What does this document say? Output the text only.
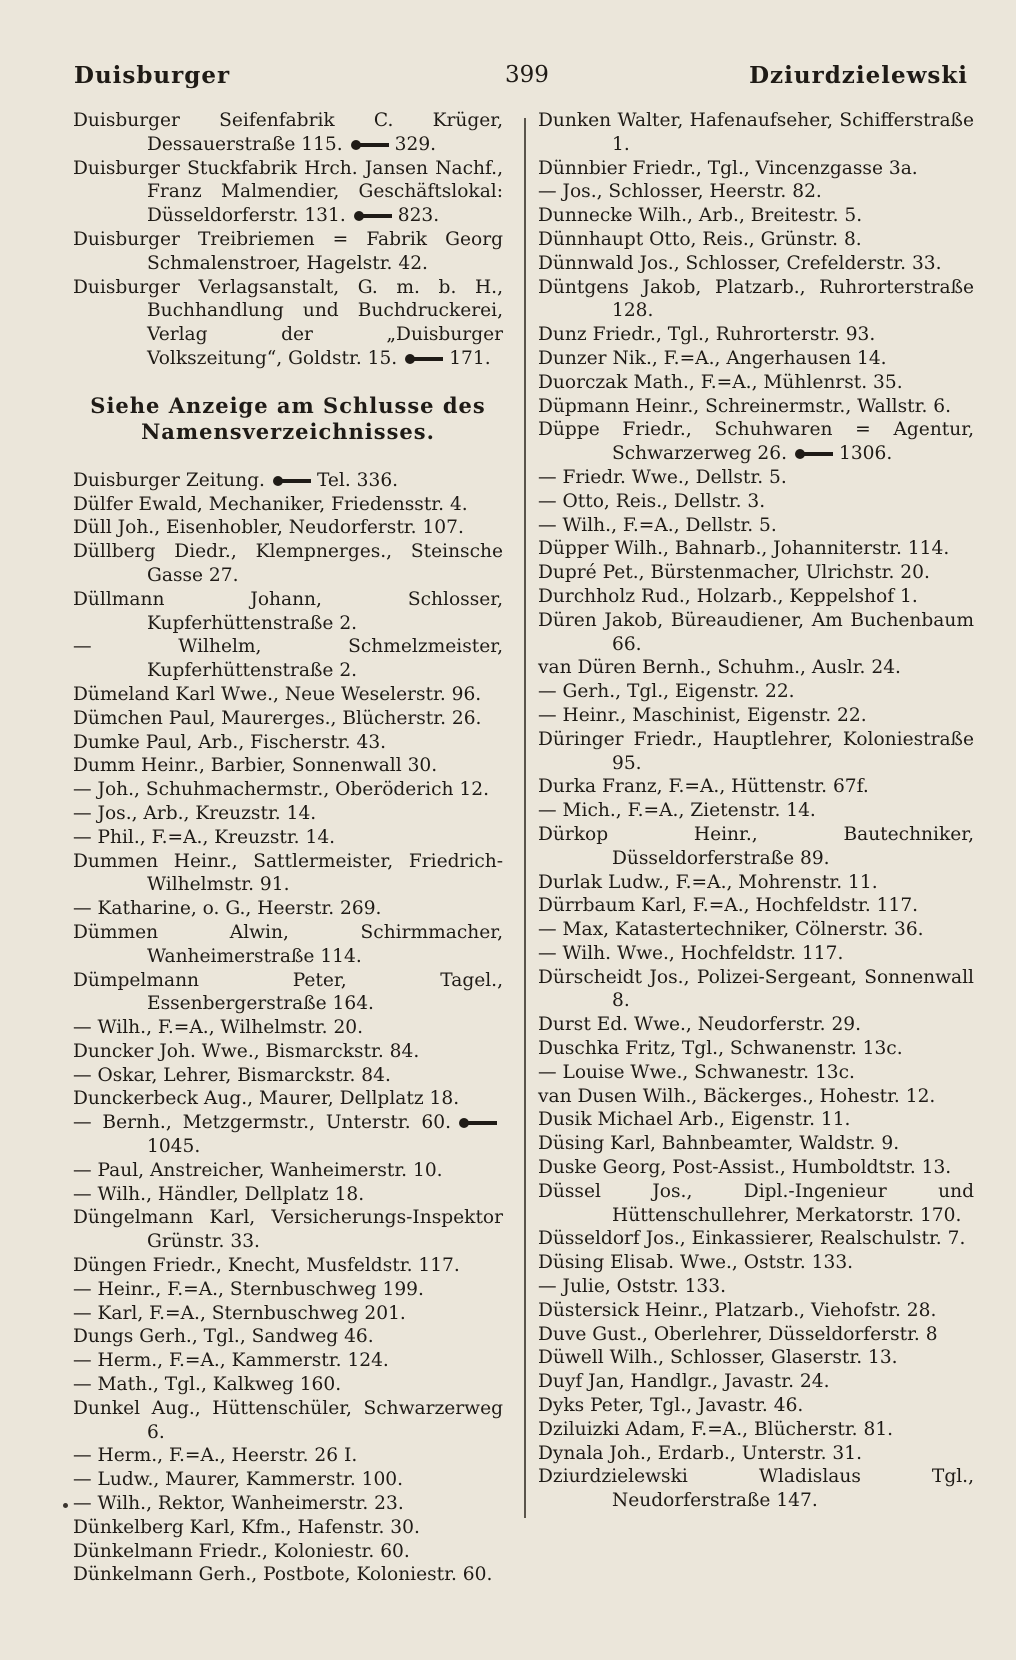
Duisburger	399	Dziurdzielewski

Duisburger Seifenfabrik C. Krüger, Dessauerstraße 115.	329.

Duisburger Stuckfabrik Hrch. Jansen Nachf., Franz Malmendier, Geschäftslokal: Düsseldorferstr. 131.	823.

Duisburger Treibriemen = Fabrik Georg Schmalenstroer, Hagelstr. 42.

Duisburger Verlagsanstalt, G. m. b. H., Buchhandlung und Buchdruckerei, Verlag der „Duisburger Volkszeitung“, Goldstr. 15.	171.

Siehe Anzeige am Schlusse des Namensverzeichnisses.

Duisburger Zeitung.	Tel. 336.

Dülfer Ewald, Mechaniker, Friedensstr. 4.

Düll Joh., Eisenhobler, Neudorferstr. 107.

Düllberg Diedr., Klempnerges., Steinsche Gasse 27.

Düllmann Johann, Schlosser, Kupferhüttenstraße 2.

— Wilhelm, Schmelzmeister, Kupferhüttenstraße 2.

Dümeland Karl Wwe., Neue Weselerstr. 96.

Dümchen Paul, Maurerges., Blücherstr. 26.

Dumke Paul, Arb., Fischerstr. 43.

Dumm Heinr., Barbier, Sonnenwall 30.

— Joh., Schuhmachermstr., Oberöderich 12.

— Jos., Arb., Kreuzstr. 14.

— Phil., F.=A., Kreuzstr. 14.

Dummen Heinr., Sattlermeister, Friedrich-Wilhelmstr. 91.

— Katharine, o. G., Heerstr. 269.

Dümmen Alwin, Schirmmacher, Wanheimerstraße 114.

Dümpelmann Peter, Tagel., Essenbergerstraße 164.

— Wilh., F.=A., Wilhelmstr. 20.

Duncker Joh. Wwe., Bismarckstr. 84.

— Oskar, Lehrer, Bismarckstr. 84.

Dunckerbeck Aug., Maurer, Dellplatz 18.

— Bernh., Metzgermstr., Unterstr. 60.1045.

— Paul, Anstreicher, Wanheimerstr. 10.

— Wilh., Händler, Dellplatz 18.

Düngelmann Karl, Versicherungs-Inspektor Grünstr. 33.

Düngen Friedr., Knecht, Musfeldstr. 117.

— Heinr., F.=A., Sternbuschweg 199.

— Karl, F.=A., Sternbuschweg 201.

Dungs Gerh., Tgl., Sandweg 46.

— Herm., F.=A., Kammerstr. 124.

— Math., Tgl., Kalkweg 160.

Dunkel Aug., Hüttenschüler, Schwarzerweg 6.

— Herm., F.=A., Heerstr. 26 I.

— Ludw., Maurer, Kammerstr. 100.

— Wilh., Rektor, Wanheimerstr. 23.

Dünkelberg Karl, Kfm., Hafenstr. 30.

Dünkelmann Friedr., Koloniestr. 60.

Dünkelmann Gerh., Postbote, Koloniestr. 60.

Dunken Walter, Hafenaufseher, Schifferstraße 1.

Dünnbier Friedr., Tgl., Vincenzgasse 3a.

— Jos., Schlosser, Heerstr. 82.

Dunnecke Wilh., Arb., Breitestr. 5.

Dünnhaupt Otto, Reis., Grünstr. 8.

Dünnwald Jos., Schlosser, Crefelderstr. 33.

Düntgens Jakob, Platzarb., Ruhrorterstraße 128.

Dunz Friedr., Tgl., Ruhrorterstr. 93.

Dunzer Nik., F.=A., Angerhausen 14.

Duorczak Math., F.=A., Mühlenrst. 35.

Düpmann Heinr., Schreinermstr., Wallstr. 6.

Düppe Friedr., Schuhwaren = Agentur, Schwarzerweg 26.	1306.

— Friedr. Wwe., Dellstr. 5.

— Otto, Reis., Dellstr. 3.

— Wilh., F.=A., Dellstr. 5.

Düpper Wilh., Bahnarb., Johanniterstr. 114.

Dupré Pet., Bürstenmacher, Ulrichstr. 20.

Durchholz Rud., Holzarb., Keppelshof 1.

Düren Jakob, Büreaudiener, Am Buchenbaum 66.

van Düren Bernh., Schuhm., Auslr. 24.

— Gerh., Tgl., Eigenstr. 22.

— Heinr., Maschinist, Eigenstr. 22.

Düringer Friedr., Hauptlehrer, Koloniestraße 95.

Durka Franz, F.=A., Hüttenstr. 67f.

— Mich., F.=A., Zietenstr. 14.

Dürkop Heinr., Bautechniker, Düsseldorferstraße 89.

Durlak Ludw., F.=A., Mohrenstr. 11.

Dürrbaum Karl, F.=A., Hochfeldstr. 117.

— Max, Katastertechniker, Cölnerstr. 36.

— Wilh. Wwe., Hochfeldstr. 117.

Dürscheidt Jos., Polizei-Sergeant, Sonnenwall 8.

Durst Ed. Wwe., Neudorferstr. 29.

Duschka Fritz, Tgl., Schwanenstr. 13c.

— Louise Wwe., Schwanestr. 13c.

van Dusen Wilh., Bäckerges., Hohestr. 12.

Dusik Michael Arb., Eigenstr. 11.

Düsing Karl, Bahnbeamter, Waldstr. 9.

Duske Georg, Post-Assist., Humboldtstr. 13.

Düssel Jos., Dipl.-Ingenieur und Hüttenschullehrer, Merkatorstr. 170.

Düsseldorf Jos., Einkassierer, Realschulstr. 7.

Düsing Elisab. Wwe., Oststr. 133.

— Julie, Oststr. 133.

Düstersick Heinr., Platzarb., Viehofstr. 28.

Duve Gust., Oberlehrer, Düsseldorferstr. 8

Düwell Wilh., Schlosser, Glaserstr. 13.

Duyf Jan, Handlgr., Javastr. 24.

Dyks Peter, Tgl., Javastr. 46.

Dziluizki Adam, F.=A., Blücherstr. 81.

Dynala Joh., Erdarb., Unterstr. 31.

Dziurdzielewski Wladislaus Tgl., Neudorferstraße 147.
